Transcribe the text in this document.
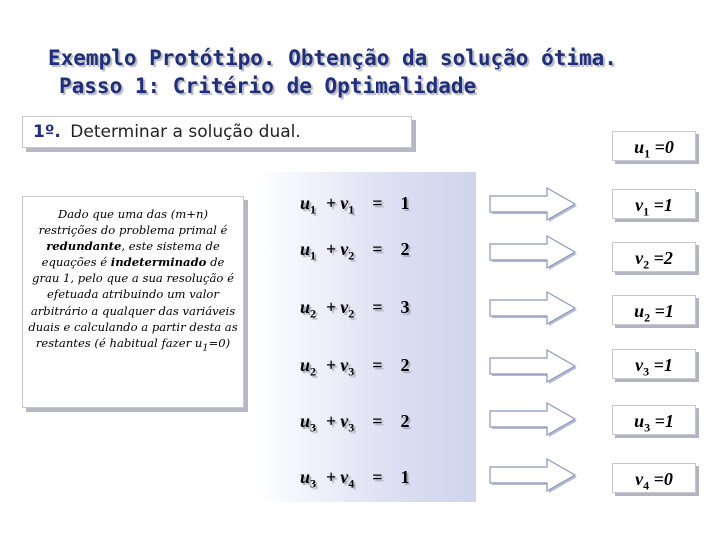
Exemplo Protótipo. Obtenção da solução ótima.
Passo 1: Critério de Optimalidade
1º. Determinar a solução dual.
Dado que uma das (m+n) restrições do problema primal é redundante, este sistema de equações é indeterminado de grau 1, pelo que a sua resolução é efetuada atribuindo um valor arbitrário a qualquer das variáveis duais e calculando a partir desta as restantes (é habitual fazer $u_1=0$)
$u_1 =0$
$u_1 + v_1 = 1$	$v_1 =1$
$u_1 + v_2 = 2$	$v_2 =2$
$u_2 + v_2 = 3$	$u_2 =1$
$u_2 + v_3 = 2$	$v_3 =1$
$u_3 + v_3 = 2$	$u_3 =1$
$u_3 + v_4 = 1$	$v_4 =0$
